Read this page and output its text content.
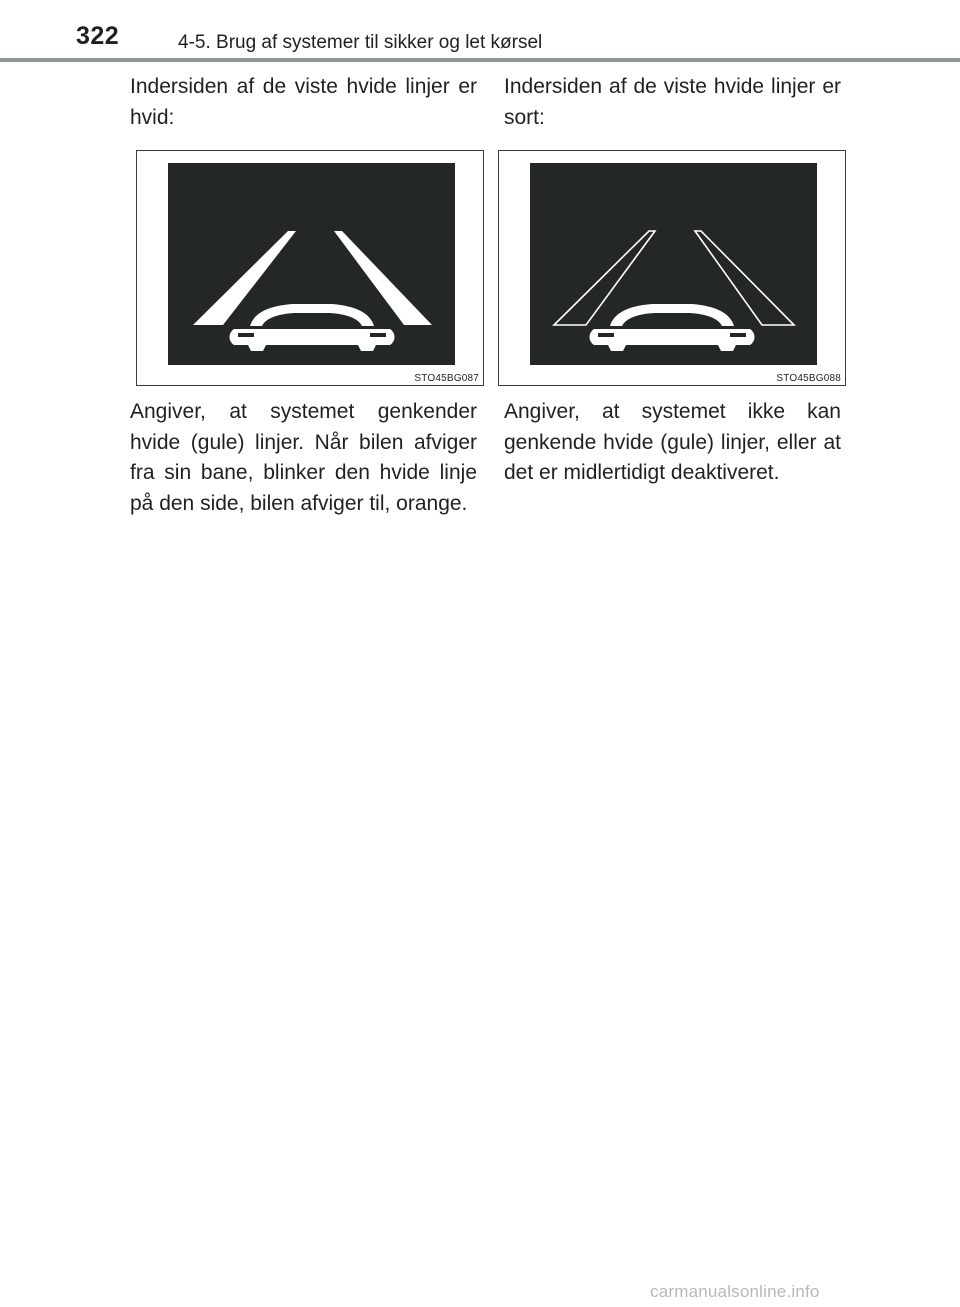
322	4-5. Brug af systemer til sikker og let kørsel
Indersiden af de viste hvide linjer er hvid:
Indersiden af de viste hvide linjer er sort:
STO45BG087	STO45BG088
Angiver, at systemet genkender hvide (gule) linjer. Når bilen afviger fra sin bane, blinker den hvide linje på den side, bilen afviger til, orange.
Angiver, at systemet ikke kan genkende hvide (gule) linjer, eller at det er midlertidigt deaktiveret.
carmanualsonline.info
